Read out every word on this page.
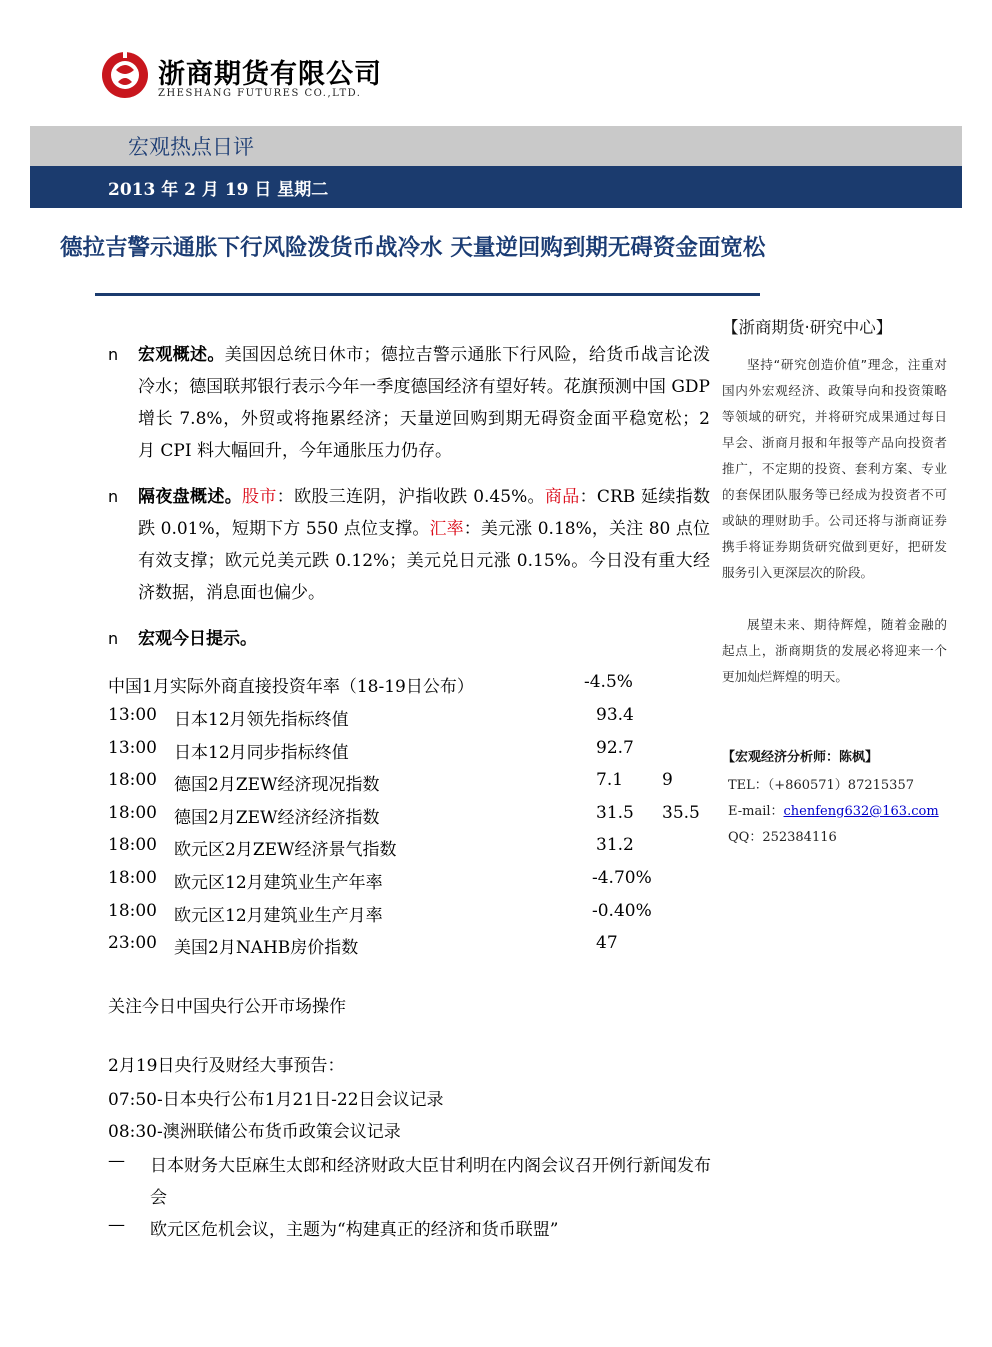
浙商期货有限公司
ZHESHANG FUTURES CO.,LTD.
宏观热点日评
2013 年 2 月 19 日 星期二
德拉吉警示通胀下行风险泼货币战冷水 天量逆回购到期无碍资金面宽松
n	宏观概述。美国因总统日休市；德拉吉警示通胀下行风险，给货币战言论泼冷水；德国联邦银行表示今年一季度德国经济有望好转。花旗预测中国 GDP 增长 7.8%，外贸或将拖累经济；天量逆回购到期无碍资金面平稳宽松；2 月 CPI 料大幅回升，今年通胀压力仍存。
n	隔夜盘概述。股市：欧股三连阴，沪指收跌 0.45%。商品：CRB 延续指数跌 0.01%，短期下方 550 点位支撑。汇率：美元涨 0.18%，关注 80 点位有效支撑；欧元兑美元跌 0.12%；美元兑日元涨 0.15%。今日没有重大经济数据，消息面也偏少。
n	宏观今日提示。
中国1月实际外商直接投资年率（18-19日公布）	-4.5%
13:00 日本12月领先指标终值	93.4
13:00 日本12月同步指标终值	92.7
18:00 德国2月ZEW经济现况指数	7.1 9
18:00 德国2月ZEW经济经济指数	31.5 35.5
18:00 欧元区2月ZEW经济景气指数	31.2
18:00 欧元区12月建筑业生产年率	-4.70%
18:00 欧元区12月建筑业生产月率	-0.40%
23:00 美国2月NAHB房价指数	47
关注今日中国央行公开市场操作
2月19日央行及财经大事预告：
07:50-日本央行公布1月21日-22日会议记录
08:30-澳洲联储公布货币政策会议记录
— 日本财务大臣麻生太郎和经济财政大臣甘利明在内阁会议召开例行新闻发布会
— 欧元区危机会议，主题为“构建真正的经济和货币联盟”
【浙商期货·研究中心】
坚持“研究创造价值”理念，注重对国内外宏观经济、政策导向和投资策略等领域的研究，并将研究成果通过每日早会、浙商月报和年报等产品向投资者推广，不定期的投资、套利方案、专业的套保团队服务等已经成为投资者不可或缺的理财助手。公司还将与浙商证券携手将证券期货研究做到更好，把研发服务引入更深层次的阶段。
展望未来、期待辉煌，随着金融的起点上，浙商期货的发展必将迎来一个更加灿烂辉煌的明天。
【宏观经济分析师：陈枫】
TEL：（+860571）87215357
E-mail：chenfeng632@163.com
QQ：252384116
